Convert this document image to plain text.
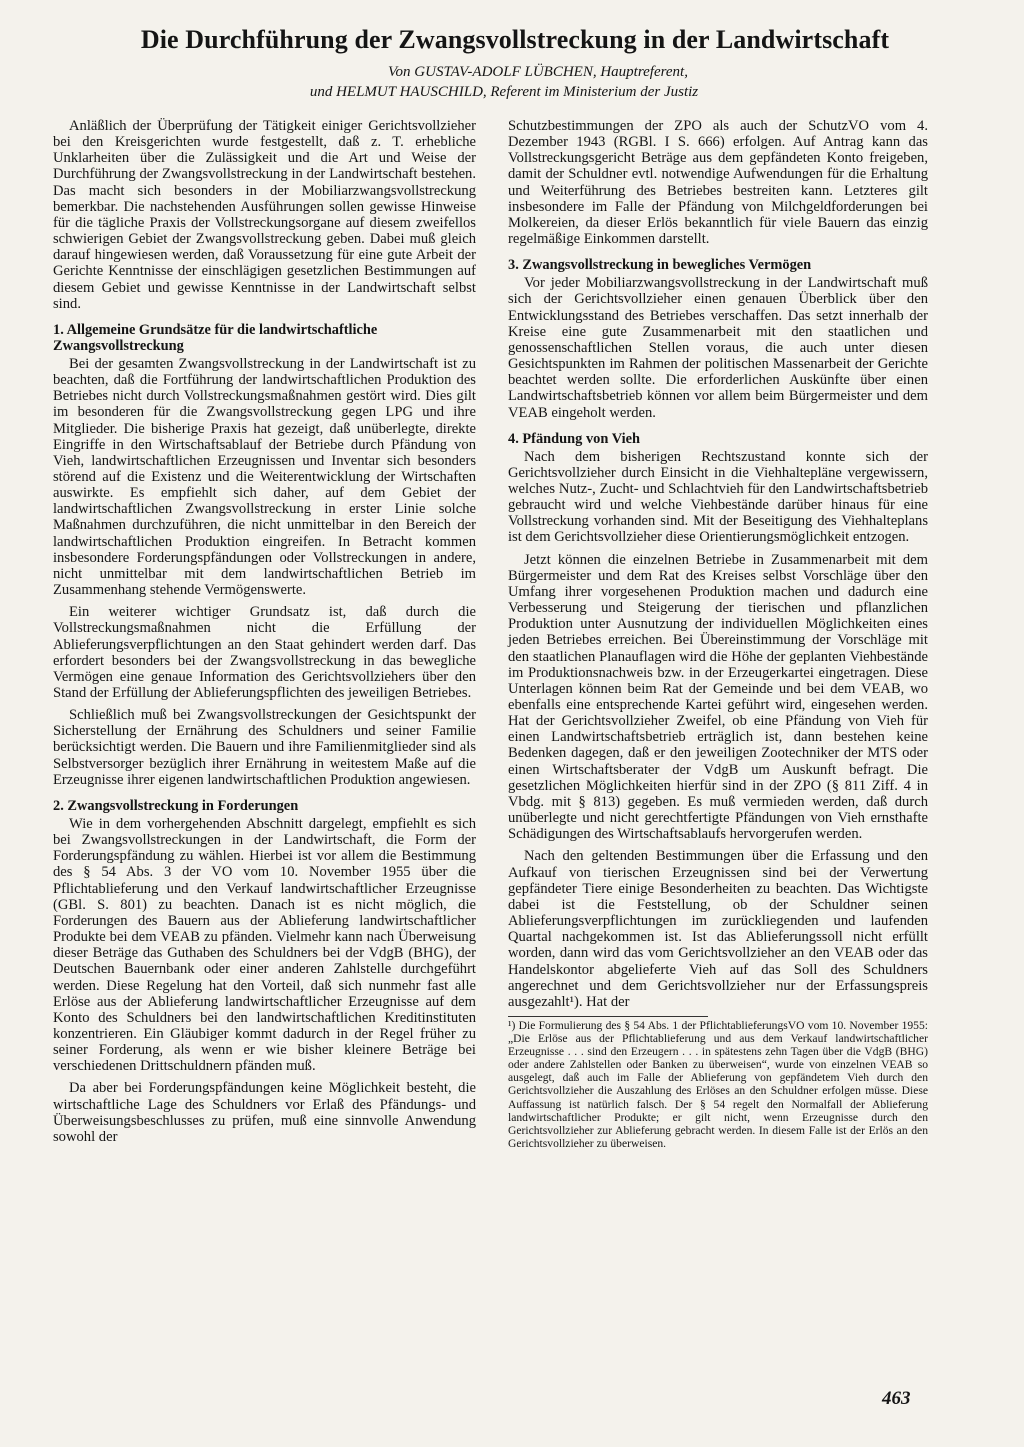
Die Durchführung der Zwangsvollstreckung in der Landwirtschaft
Von GUSTAV-ADOLF LÜBCHEN, Hauptreferent,
und HELMUT HAUSCHILD, Referent im Ministerium der Justiz

Anläßlich der Überprüfung der Tätigkeit einiger Gerichtsvollzieher bei den Kreisgerichten wurde festgestellt, daß z. T. erhebliche Unklarheiten über die Zulässigkeit und die Art und Weise der Durchführung der Zwangsvollstreckung in der Landwirtschaft bestehen. Das macht sich besonders in der Mobiliarzwangsvollstreckung bemerkbar. Die nachstehenden Ausführungen sollen gewisse Hinweise für die tägliche Praxis der Vollstreckungsorgane auf diesem zweifellos schwierigen Gebiet der Zwangsvollstreckung geben. Dabei muß gleich darauf hingewiesen werden, daß Voraussetzung für eine gute Arbeit der Gerichte Kenntnisse der einschlägigen gesetzlichen Bestimmungen auf diesem Gebiet und gewisse Kenntnisse in der Landwirtschaft selbst sind.

1. Allgemeine Grundsätze für die landwirtschaftliche Zwangsvollstreckung

Bei der gesamten Zwangsvollstreckung in der Landwirtschaft ist zu beachten, daß die Fortführung der landwirtschaftlichen Produktion des Betriebes nicht durch Vollstreckungsmaßnahmen gestört wird. Dies gilt im besonderen für die Zwangsvollstreckung gegen LPG und ihre Mitglieder. Die bisherige Praxis hat gezeigt, daß unüberlegte, direkte Eingriffe in den Wirtschaftsablauf der Betriebe durch Pfändung von Vieh, landwirtschaftlichen Erzeugnissen und Inventar sich besonders störend auf die Existenz und die Weiterentwicklung der Wirtschaften auswirkte. Es empfiehlt sich daher, auf dem Gebiet der landwirtschaftlichen Zwangsvollstreckung in erster Linie solche Maßnahmen durchzuführen, die nicht unmittelbar in den Bereich der landwirtschaftlichen Produktion eingreifen. In Betracht kommen insbesondere Forderungspfändungen oder Vollstreckungen in andere, nicht unmittelbar mit dem landwirtschaftlichen Betrieb im Zusammenhang stehende Vermögenswerte.

Ein weiterer wichtiger Grundsatz ist, daß durch die Vollstreckungsmaßnahmen nicht die Erfüllung der Ablieferungsverpflichtungen an den Staat gehindert werden darf. Das erfordert besonders bei der Zwangsvollstreckung in das bewegliche Vermögen eine genaue Information des Gerichtsvollziehers über den Stand der Erfüllung der Ablieferungspflichten des jeweiligen Betriebes.

Schließlich muß bei Zwangsvollstreckungen der Gesichtspunkt der Sicherstellung der Ernährung des Schuldners und seiner Familie berücksichtigt werden. Die Bauern und ihre Familienmitglieder sind als Selbstversorger bezüglich ihrer Ernährung in weitestem Maße auf die Erzeugnisse ihrer eigenen landwirtschaftlichen Produktion angewiesen.

2. Zwangsvollstreckung in Forderungen

Wie in dem vorhergehenden Abschnitt dargelegt, empfiehlt es sich bei Zwangsvollstreckungen in der Landwirtschaft, die Form der Forderungspfändung zu wählen. Hierbei ist vor allem die Bestimmung des § 54 Abs. 3 der VO vom 10. November 1955 über die Pflichtablieferung und den Verkauf landwirtschaftlicher Erzeugnisse (GBl. S. 801) zu beachten. Danach ist es nicht möglich, die Forderungen des Bauern aus der Ablieferung landwirtschaftlicher Produkte bei dem VEAB zu pfänden. Vielmehr kann nach Überweisung dieser Beträge das Guthaben des Schuldners bei der VdgB (BHG), der Deutschen Bauernbank oder einer anderen Zahlstelle durchgeführt werden. Diese Regelung hat den Vorteil, daß sich nunmehr fast alle Erlöse aus der Ablieferung landwirtschaftlicher Erzeugnisse auf dem Konto des Schuldners bei den landwirtschaftlichen Kreditinstituten konzentrieren. Ein Gläubiger kommt dadurch in der Regel früher zu seiner Forderung, als wenn er wie bisher kleinere Beträge bei verschiedenen Drittschuldnern pfänden muß.

Da aber bei Forderungspfändungen keine Möglichkeit besteht, die wirtschaftliche Lage des Schuldners vor Erlaß des Pfändungs- und Überweisungsbeschlusses zu prüfen, muß eine sinnvolle Anwendung sowohl der

Schutzbestimmungen der ZPO als auch der SchutzVO vom 4. Dezember 1943 (RGBl. I S. 666) erfolgen. Auf Antrag kann das Vollstreckungsgericht Beträge aus dem gepfändeten Konto freigeben, damit der Schuldner evtl. notwendige Aufwendungen für die Erhaltung und Weiterführung des Betriebes bestreiten kann. Letzteres gilt insbesondere im Falle der Pfändung von Milchgeldforderungen bei Molkereien, da dieser Erlös bekanntlich für viele Bauern das einzig regelmäßige Einkommen darstellt.

3. Zwangsvollstreckung in bewegliches Vermögen

Vor jeder Mobiliarzwangsvollstreckung in der Landwirtschaft muß sich der Gerichtsvollzieher einen genauen Überblick über den Entwicklungsstand des Betriebes verschaffen. Das setzt innerhalb der Kreise eine gute Zusammenarbeit mit den staatlichen und genossenschaftlichen Stellen voraus, die auch unter diesen Gesichtspunkten im Rahmen der politischen Massenarbeit der Gerichte beachtet werden sollte. Die erforderlichen Auskünfte über einen Landwirtschaftsbetrieb können vor allem beim Bürgermeister und dem VEAB eingeholt werden.

4. Pfändung von Vieh

Nach dem bisherigen Rechtszustand konnte sich der Gerichtsvollzieher durch Einsicht in die Viehhaltepläne vergewissern, welches Nutz-, Zucht- und Schlachtvieh für den Landwirtschaftsbetrieb gebraucht wird und welche Viehbestände darüber hinaus für eine Vollstreckung vorhanden sind. Mit der Beseitigung des Viehhalteplans ist dem Gerichtsvollzieher diese Orientierungsmöglichkeit entzogen.

Jetzt können die einzelnen Betriebe in Zusammenarbeit mit dem Bürgermeister und dem Rat des Kreises selbst Vorschläge über den Umfang ihrer vorgesehenen Produktion machen und dadurch eine Verbesserung und Steigerung der tierischen und pflanzlichen Produktion unter Ausnutzung der individuellen Möglichkeiten eines jeden Betriebes erreichen. Bei Übereinstimmung der Vorschläge mit den staatlichen Planauflagen wird die Höhe der geplanten Viehbestände im Produktionsnachweis bzw. in der Erzeugerkartei eingetragen. Diese Unterlagen können beim Rat der Gemeinde und bei dem VEAB, wo ebenfalls eine entsprechende Kartei geführt wird, eingesehen werden. Hat der Gerichtsvollzieher Zweifel, ob eine Pfändung von Vieh für einen Landwirtschaftsbetrieb erträglich ist, dann bestehen keine Bedenken dagegen, daß er den jeweiligen Zootechniker der MTS oder einen Wirtschaftsberater der VdgB um Auskunft befragt. Die gesetzlichen Möglichkeiten hierfür sind in der ZPO (§ 811 Ziff. 4 in Vbdg. mit § 813) gegeben. Es muß vermieden werden, daß durch unüberlegte und nicht gerechtfertigte Pfändungen von Vieh ernsthafte Schädigungen des Wirtschaftsablaufs hervorgerufen werden.

Nach den geltenden Bestimmungen über die Erfassung und den Aufkauf von tierischen Erzeugnissen sind bei der Verwertung gepfändeter Tiere einige Besonderheiten zu beachten. Das Wichtigste dabei ist die Feststellung, ob der Schuldner seinen Ablieferungsverpflichtungen im zurückliegenden und laufenden Quartal nachgekommen ist. Ist das Ablieferungssoll nicht erfüllt worden, dann wird das vom Gerichtsvollzieher an den VEAB oder das Handelskontor abgelieferte Vieh auf das Soll des Schuldners angerechnet und dem Gerichtsvollzieher nur der Erfassungspreis ausgezahlt¹). Hat der

¹) Die Formulierung des § 54 Abs. 1 der PflichtablieferungsVO vom 10. November 1955: „Die Erlöse aus der Pflichtablieferung und aus dem Verkauf landwirtschaftlicher Erzeugnisse . . . sind den Erzeugern . . . in spätestens zehn Tagen über die VdgB (BHG) oder andere Zahlstellen oder Banken zu überweisen“, wurde von einzelnen VEAB so ausgelegt, daß auch im Falle der Ablieferung von gepfändetem Vieh durch den Gerichtsvollzieher die Auszahlung des Erlöses an den Schuldner erfolgen müsse. Diese Auffassung ist natürlich falsch. Der § 54 regelt den Normalfall der Ablieferung landwirtschaftlicher Produkte; er gilt nicht, wenn Erzeugnisse durch den Gerichtsvollzieher zur Ablieferung gebracht werden. In diesem Falle ist der Erlös an den Gerichtsvollzieher zu überweisen.

463
